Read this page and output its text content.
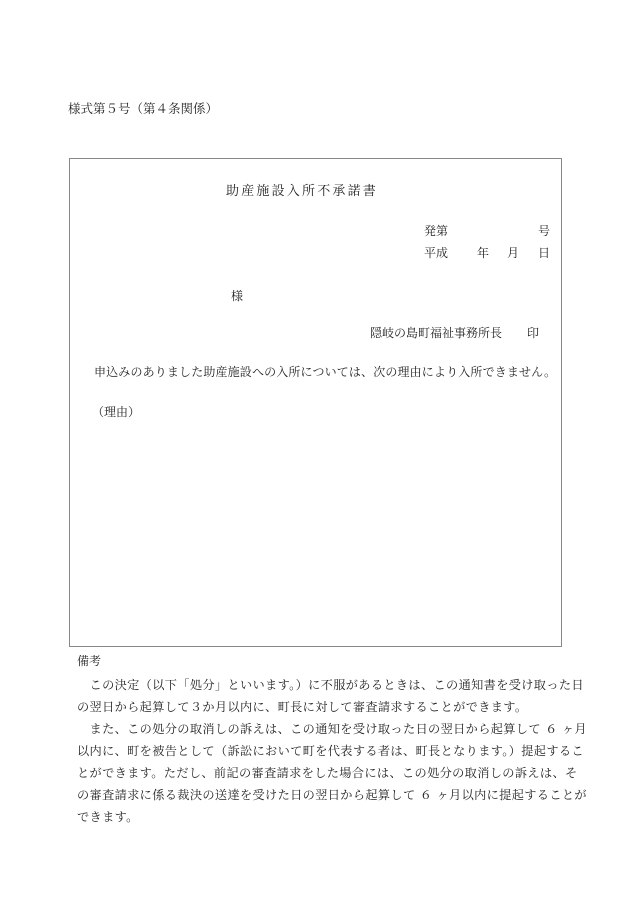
様式第５号（第４条関係）
助産施設入所不承諾書
発第	号
平成 年 月 日
様
隠岐の島町福祉事務所長 印
申込みのありました助産施設への入所については、次の理由により入所できません。
（理由）
備考

　この決定（以下「処分」といいます。）に不服があるときは、この通知書を受け取った日

の翌日から起算して３か月以内に、町長に対して審査請求することができます。

　また、この処分の取消しの訴えは、この通知を受け取った日の翌日から起算して ６ ヶ月

以内に、町を被告として（訴訟において町を代表する者は、町長となります。）提起するこ

とができます。ただし、前記の審査請求をした場合には、この処分の取消しの訴えは、そ

の審査請求に係る裁決の送達を受けた日の翌日から起算して ６ ヶ月以内に提起することが

できます。
